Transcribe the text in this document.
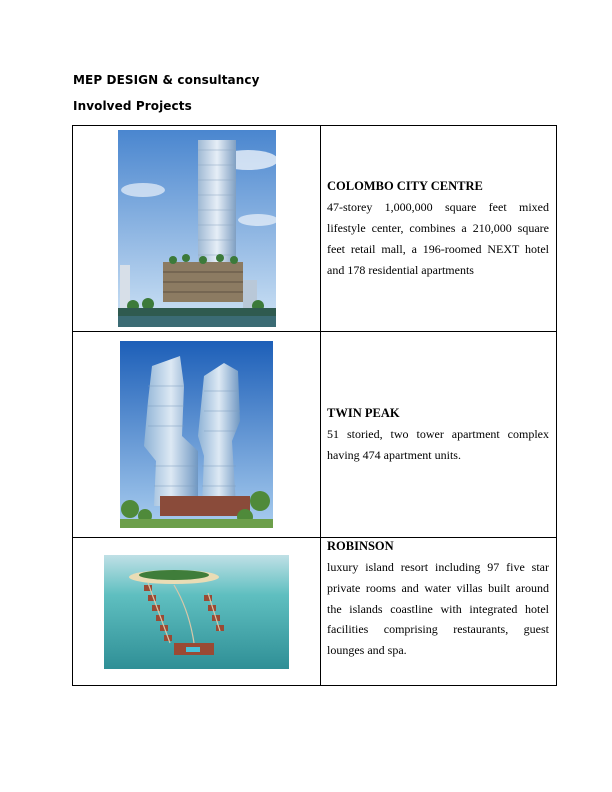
MEP DESIGN & consultancy
Involved Projects

COLOMBO CITY CENTRE
47-storey 1,000,000 square feet mixed lifestyle center, combines a 210,000 square feet retail mall, a 196-roomed NEXT hotel and 178 residential apartments

TWIN PEAK
51 storied, two tower apartment complex having 474 apartment units.

ROBINSON
luxury island resort including 97 five star private rooms and water villas built around the islands coastline with integrated hotel facilities comprising restaurants, guest lounges and spa.
